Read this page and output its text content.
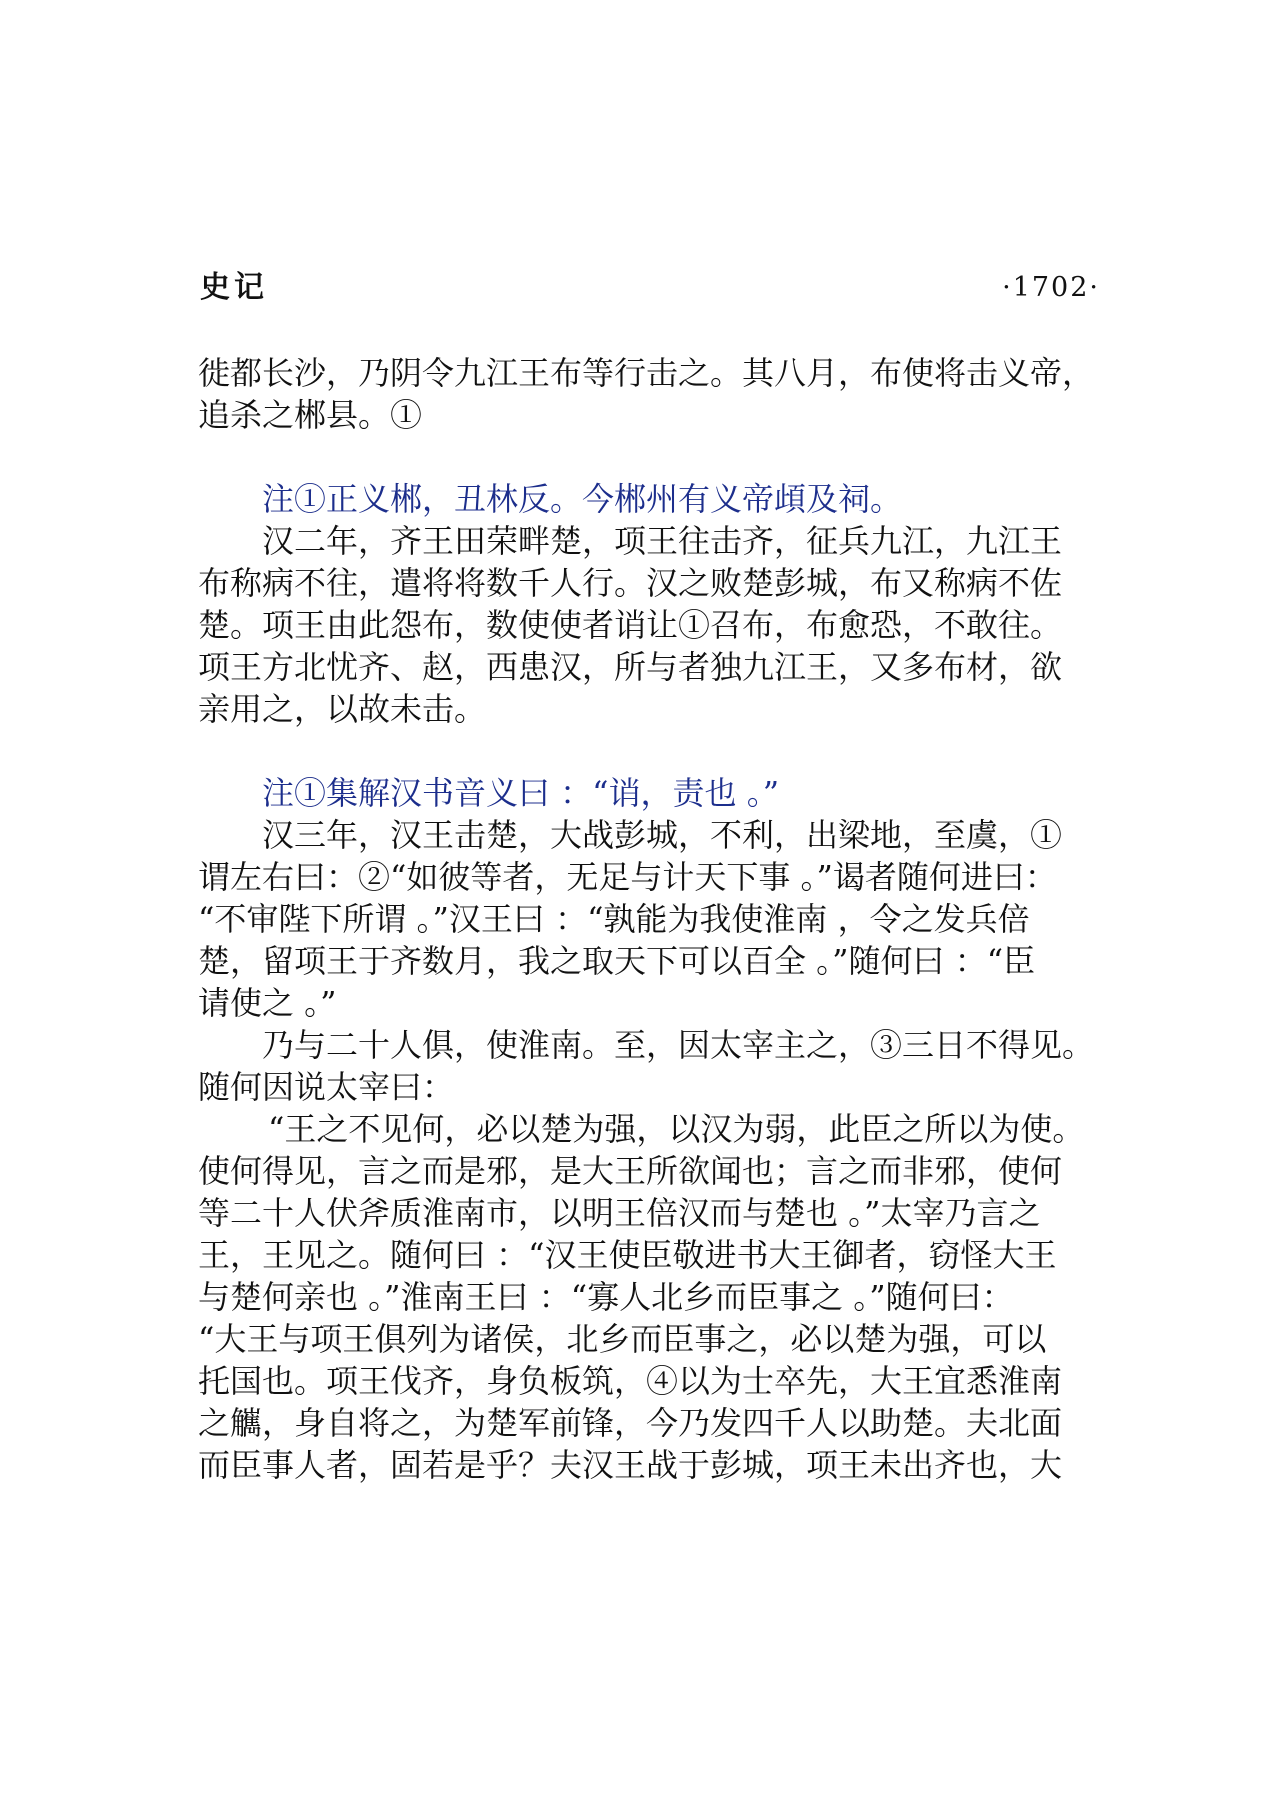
史记	·1702·
徙都长沙，乃阴令九江王布等行击之。其八月，布使将击义帝，
追杀之郴县。①
注①正义郴，丑林反。今郴州有义帝頉及祠。
汉二年，齐王田荣畔楚，项王往击齐，征兵九江，九江王
布称病不往，遣将将数千人行。汉之败楚彭城，布又称病不佐
楚。项王由此怨布，数使使者诮让①召布，布愈恐，不敢往。
项王方北忧齐、赵，西患汉，所与者独九江王，又多布材，欲
亲用之，以故未击。
注①集解汉书音义曰 ：“诮，责也 。”
汉三年，汉王击楚，大战彭城，不利，出梁地，至虞，①
谓左右曰：②“如彼等者，无足与计天下事 。”谒者随何进曰：
“不审陛下所谓 。”汉王曰 ：“孰能为我使淮南 ，令之发兵倍
楚，留项王于齐数月，我之取天下可以百全 。”随何曰 ：“臣
请使之 。”
乃与二十人俱，使淮南。至，因太宰主之，③三日不得见。
随何因说太宰曰：
“王之不见何，必以楚为强，以汉为弱，此臣之所以为使。
使何得见，言之而是邪，是大王所欲闻也；言之而非邪，使何
等二十人伏斧质淮南市，以明王倍汉而与楚也 。”太宰乃言之
王，王见之。随何曰 ：“汉王使臣敬进书大王御者，窃怪大王
与楚何亲也 。”淮南王曰 ：“寡人北乡而臣事之 。”随何曰：
“大王与项王俱列为诸侯，北乡而臣事之，必以楚为强，可以
托国也。项王伐齐，身负板筑，④以为士卒先，大王宜悉淮南
之觽，身自将之，为楚军前锋，今乃发四千人以助楚。夫北面
而臣事人者，固若是乎？夫汉王战于彭城，项王未出齐也，大
